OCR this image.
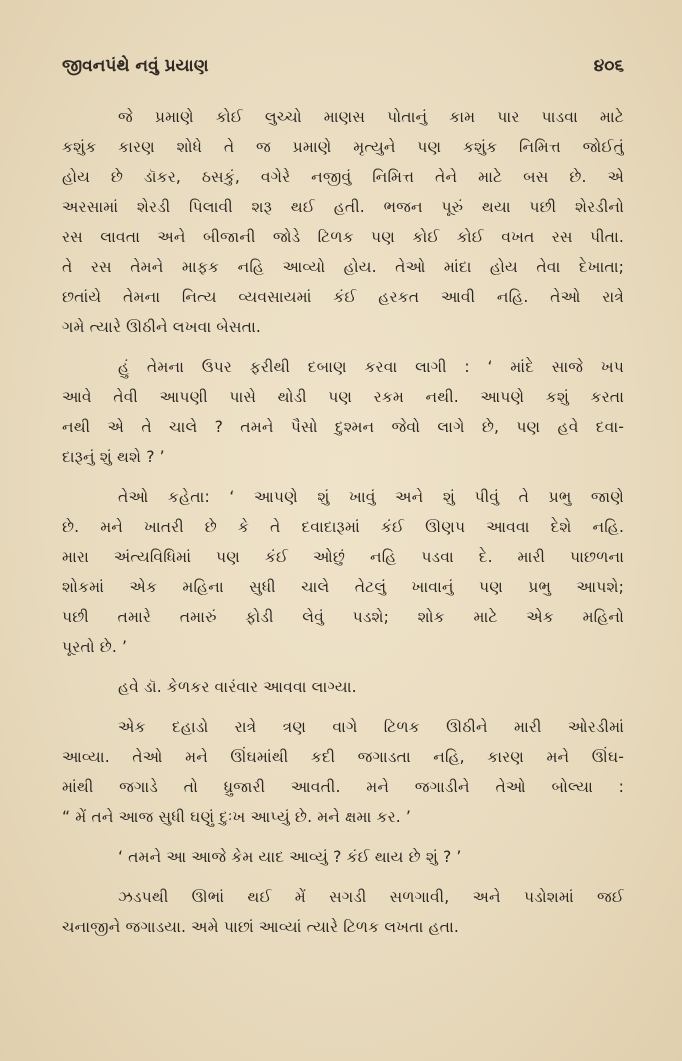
જીવનપંથે નવું પ્રયાણ	૪૦૬
જે પ્રમાણે કોઈ લુચ્ચો માણસ પોતાનું કામ પાર પાડવા માટે
કશુંક કારણ શોધે તે જ પ્રમાણે મૃત્યુને પણ કશુંક નિમિત્ત જોઈતું
હોય છે ડૉકર, ઠસકું, વગેરે નજીવું નિમિત્ત તેને માટે બસ છે. એ
અરસામાં શેરડી પિલાવી શરૂ થઈ હતી. ભજન પૂરું થયા પછી શેરડીનો
રસ લાવતા અને બીજાની જોડે ટિળક પણ કોઈ કોઈ વખત રસ પીતા.
તે રસ તેમને માફક નહિ આવ્યો હોય. તેઓ માંદા હોય તેવા દેખાતા;
છતાંયે તેમના નિત્ય વ્યવસાયમાં કંઈ હરકત આવી નહિ. તેઓ રાત્રે
ગમે ત્યારે ઊઠીને લખવા બેસતા.
હું તેમના ઉપર ફરીથી દબાણ કરવા લાગી : ‘ માંદે સાજે ખપ
આવે તેવી આપણી પાસે થોડી પણ રકમ નથી. આપણે કશું કરતા
નથી એ તે ચાલે ? તમને પૈસો દુશ્મન જેવો લાગે છે, પણ હવે દવા-
દારૂનું શું થશે ? ’
તેઓ કહેતા: ‘ આપણે શું ખાવું અને શું પીવું તે પ્રભુ જાણે
છે. મને ખાતરી છે કે તે દવાદારૂમાં કંઈ ઊણપ આવવા દેશે નહિ.
મારા અંત્યવિધિમાં પણ કંઈ ઓછું નહિ પડવા દે. મારી પાછળના
શોકમાં એક મહિના સુધી ચાલે તેટલું ખાવાનું પણ પ્રભુ આપશે;
પછી તમારે તમારું ફોડી લેવું પડશે; શોક માટે એક મહિનો
પૂરતો છે. ’
હવે ડૉ. કેળકર વારંવાર આવવા લાગ્યા.
એક દહાડો રાત્રે ત્રણ વાગે ટિળક ઊઠીને મારી ઓરડીમાં
આવ્યા. તેઓ મને ઊંઘમાંથી કદી જગાડતા નહિ, કારણ મને ઊંઘ-
માંથી જગાડે તો ધ્રુજારી આવતી. મને જગાડીને તેઓ બોલ્યા :
“ મેં તને આજ સુધી ઘણું દુઃખ આપ્યું છે. મને ક્ષમા કર. ’
‘ તમને આ આજે કેમ યાદ આવ્યું ? કંઈ થાય છે શું ? ’
ઝડપથી ઊભાં થઈ મેં સગડી સળગાવી, અને પડોશમાં જઈ
ચનાજીને જગાડયા. અમે પાછાં આવ્યાં ત્યારે ટિળક લખતા હતા.
